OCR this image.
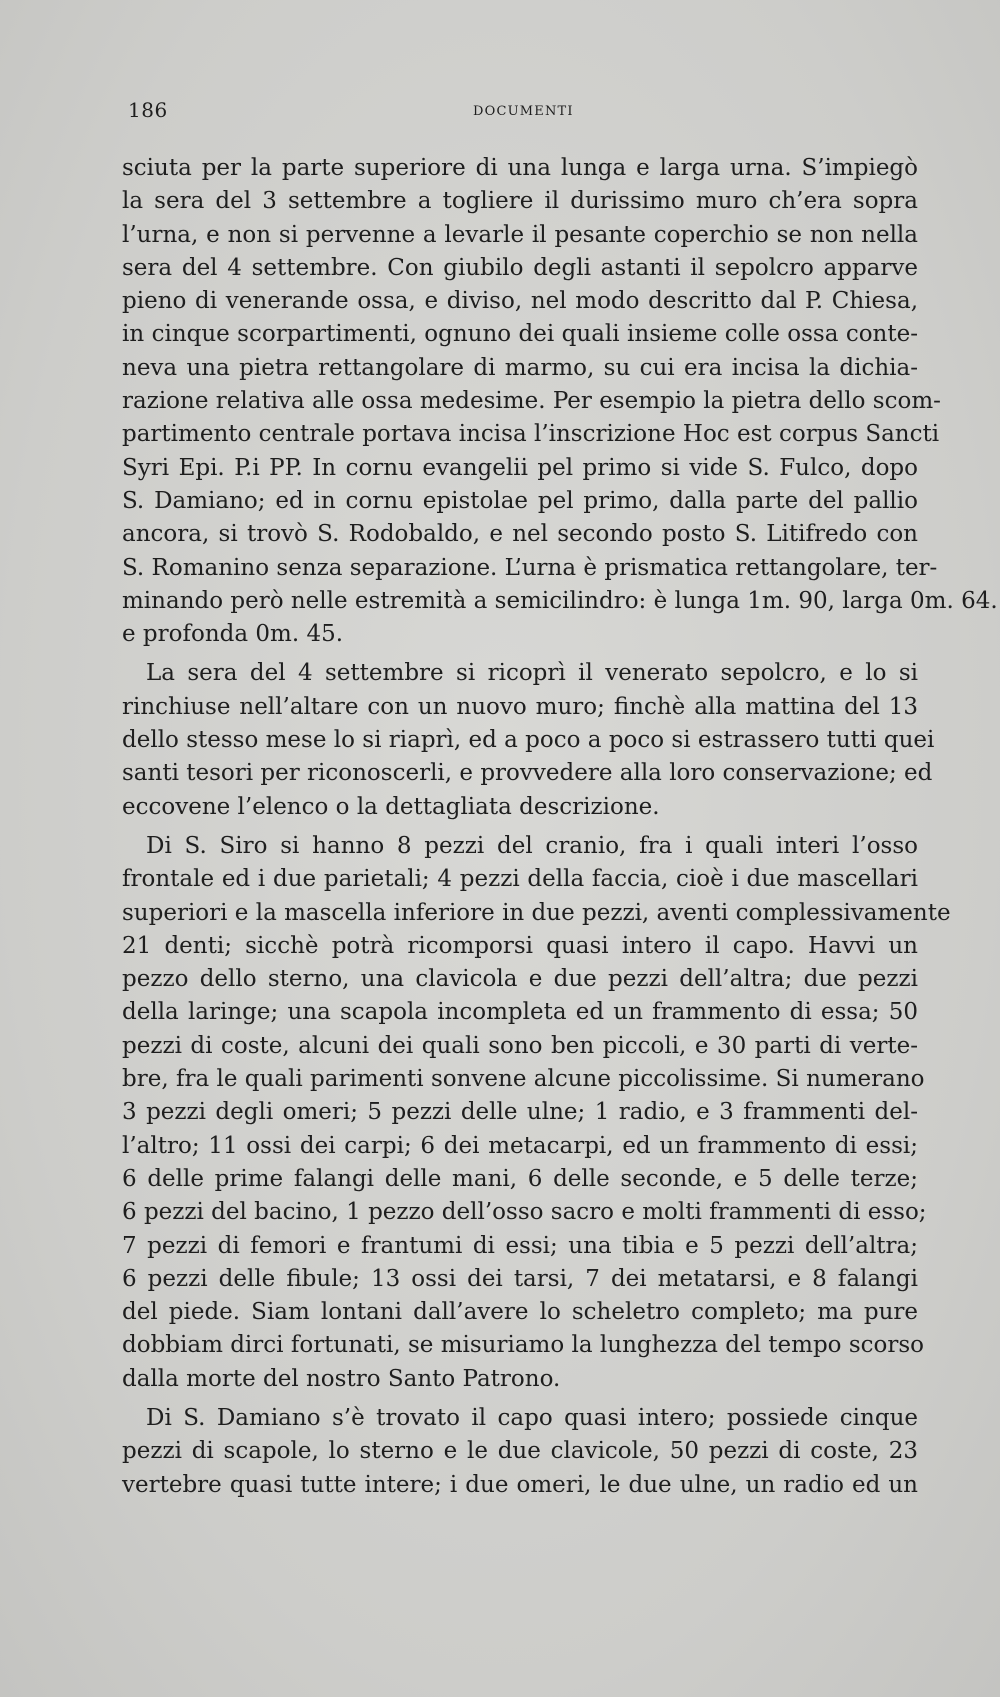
186	DOCUMENTI
sciuta per la parte superiore di una lunga e larga urna. S’impiegò
la sera del 3 settembre a togliere il durissimo muro ch’era sopra
l’urna, e non si pervenne a levarle il pesante coperchio se non nella
sera del 4 settembre. Con giubilo degli astanti il sepolcro apparve
pieno di venerande ossa, e diviso, nel modo descritto dal P. Chiesa,
in cinque scorpartimenti, ognuno dei quali insieme colle ossa conte-
neva una pietra rettangolare di marmo, su cui era incisa la dichia-
razione relativa alle ossa medesime. Per esempio la pietra dello scom-
partimento centrale portava incisa l’inscrizione Hoc est corpus Sancti
Syri Epi. P.i PP. In cornu evangelii pel primo si vide S. Fulco, dopo
S. Damiano; ed in cornu epistolae pel primo, dalla parte del pallio
ancora, si trovò S. Rodobaldo, e nel secondo posto S. Litifredo con
S. Romanino senza separazione. L’urna è prismatica rettangolare, ter-
minando però nelle estremità a semicilindro: è lunga 1m. 90, larga 0m. 64.
e profonda 0m. 45.
La sera del 4 settembre si ricoprì il venerato sepolcro, e lo si
rinchiuse nell’altare con un nuovo muro; finchè alla mattina del 13
dello stesso mese lo si riaprì, ed a poco a poco si estrassero tutti quei
santi tesori per riconoscerli, e provvedere alla loro conservazione; ed
eccovene l’elenco o la dettagliata descrizione.
Di S. Siro si hanno 8 pezzi del cranio, fra i quali interi l’osso
frontale ed i due parietali; 4 pezzi della faccia, cioè i due mascellari
superiori e la mascella inferiore in due pezzi, aventi complessivamente
21 denti; sicchè potrà ricomporsi quasi intero il capo. Havvi un
pezzo dello sterno, una clavicola e due pezzi dell’altra; due pezzi
della laringe; una scapola incompleta ed un frammento di essa; 50
pezzi di coste, alcuni dei quali sono ben piccoli, e 30 parti di verte-
bre, fra le quali parimenti sonvene alcune piccolissime. Si numerano
3 pezzi degli omeri; 5 pezzi delle ulne; 1 radio, e 3 frammenti del-
l’altro; 11 ossi dei carpi; 6 dei metacarpi, ed un frammento di essi;
6 delle prime falangi delle mani, 6 delle seconde, e 5 delle terze;
6 pezzi del bacino, 1 pezzo dell’osso sacro e molti frammenti di esso;
7 pezzi di femori e frantumi di essi; una tibia e 5 pezzi dell’altra;
6 pezzi delle fibule; 13 ossi dei tarsi, 7 dei metatarsi, e 8 falangi
del piede. Siam lontani dall’avere lo scheletro completo; ma pure
dobbiam dirci fortunati, se misuriamo la lunghezza del tempo scorso
dalla morte del nostro Santo Patrono.
Di S. Damiano s’è trovato il capo quasi intero; possiede cinque
pezzi di scapole, lo sterno e le due clavicole, 50 pezzi di coste, 23
vertebre quasi tutte intere; i due omeri, le due ulne, un radio ed un
